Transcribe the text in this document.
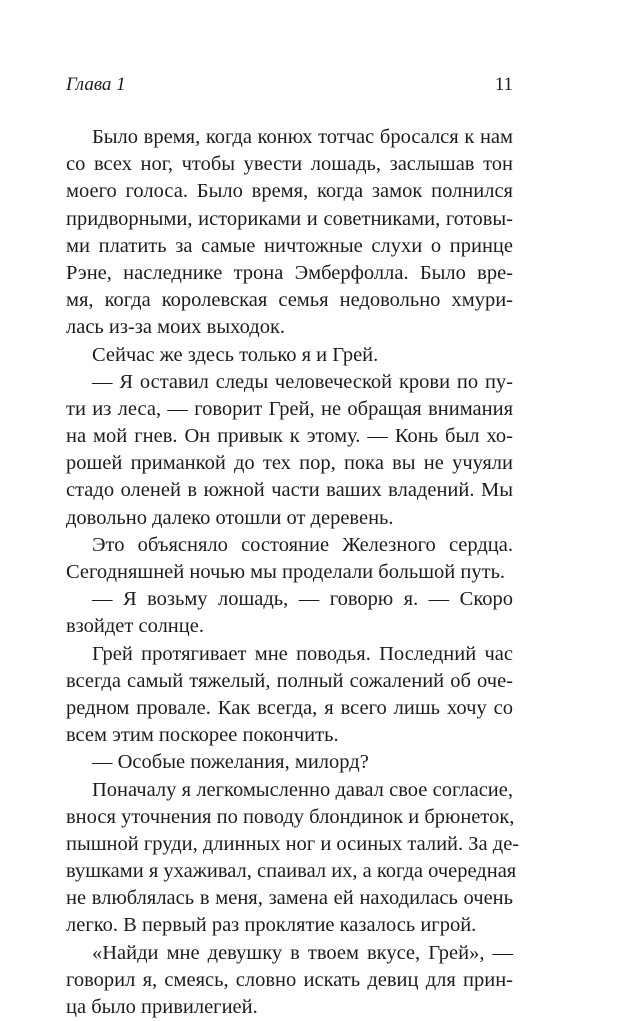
Глава 1	11
Было время, когда конюх тотчас бросался к нам
со всех ног, чтобы увести лошадь, заслышав тон
моего голоса. Было время, когда замок полнился
придворными, историками и советниками, готовы-
ми платить за самые ничтожные слухи о принце
Рэне, наследнике трона Эмберфолла. Было вре-
мя, когда королевская семья недовольно хмури-
лась из-за моих выходок.
Сейчас же здесь только я и Грей.
— Я оставил следы человеческой крови по пу-
ти из леса, — говорит Грей, не обращая внимания
на мой гнев. Он привык к этому. — Конь был хо-
рошей приманкой до тех пор, пока вы не учуяли
стадо оленей в южной части ваших владений. Мы
довольно далеко отошли от деревень.
Это объясняло состояние Железного сердца.
Сегодняшней ночью мы проделали большой путь.
— Я возьму лошадь, — говорю я. — Скоро
взойдет солнце.
Грей протягивает мне поводья. Последний час
всегда самый тяжелый, полный сожалений об оче-
редном провале. Как всегда, я всего лишь хочу со
всем этим поскорее покончить.
— Особые пожелания, милорд?
Поначалу я легкомысленно давал свое согласие,
внося уточнения по поводу блондинок и брюнеток,
пышной груди, длинных ног и осиных талий. За де-
вушками я ухаживал, спаивал их, а когда очередная
не влюблялась в меня, замена ей находилась очень
легко. В первый раз проклятие казалось игрой.
«Найди мне девушку в твоем вкусе, Грей», —
говорил я, смеясь, словно искать девиц для прин-
ца было привилегией.
